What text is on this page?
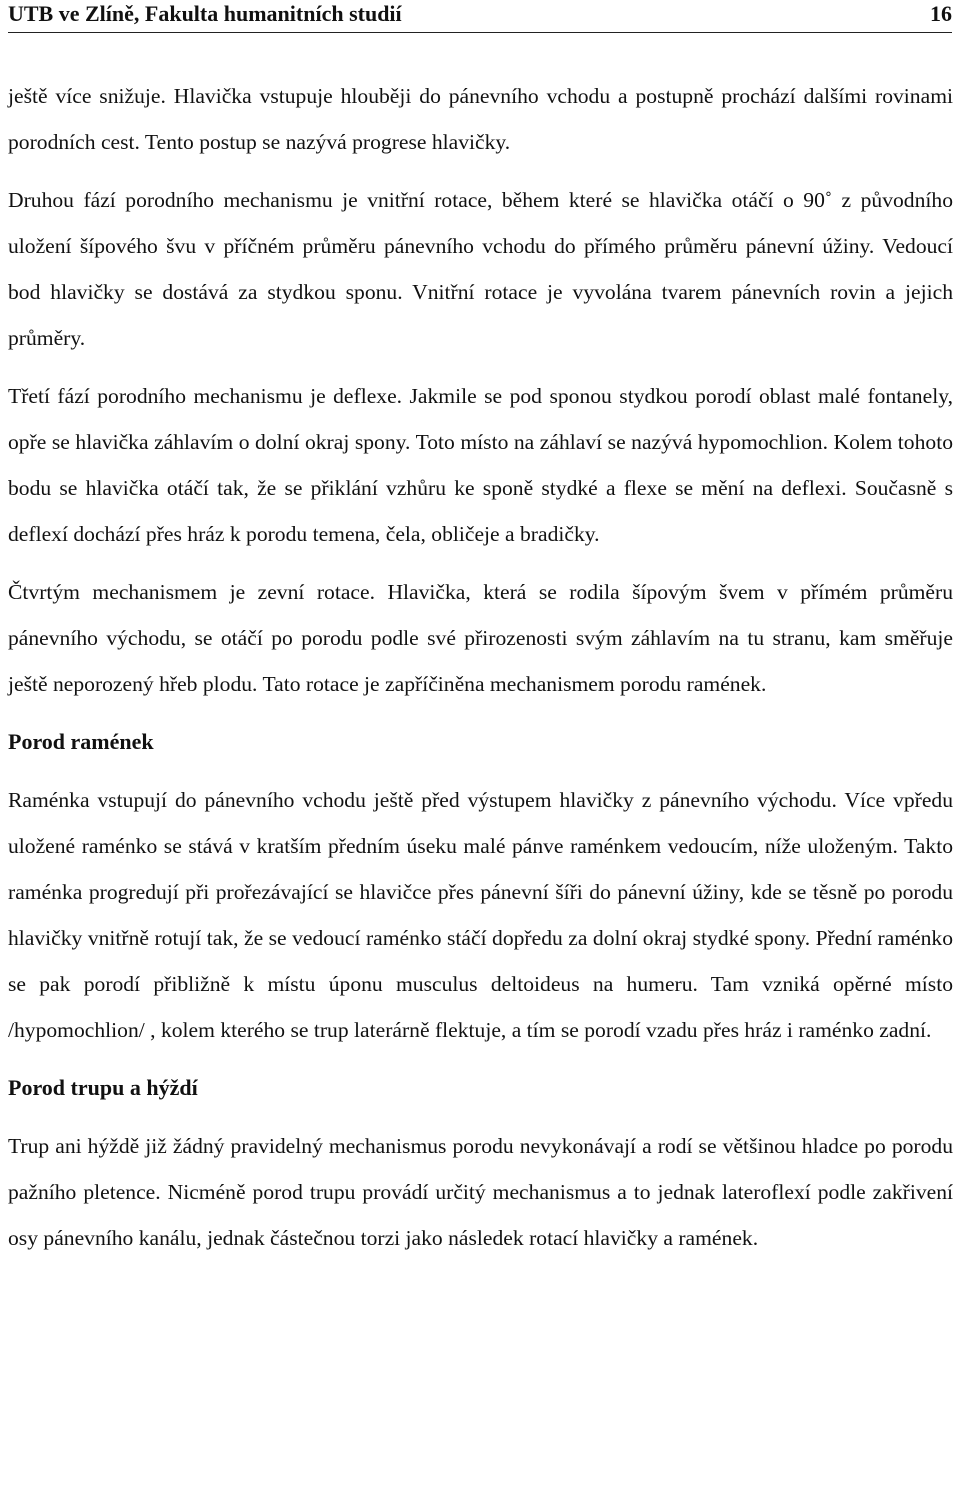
UTB ve Zlíně, Fakulta humanitních studií	16

ještě více snižuje. Hlavička vstupuje hlouběji do pánevního vchodu a postupně prochází dalšími rovinami porodních cest. Tento postup se nazývá progrese hlavičky.

Druhou fází porodního mechanismu je vnitřní rotace, během které se hlavička otáčí o 90˚ z původního uložení šípového švu v příčném průměru pánevního vchodu do přímého průměru pánevní úžiny. Vedoucí bod hlavičky se dostává za stydkou sponu. Vnitřní rotace je vyvolána tvarem pánevních rovin a jejich průměry.

Třetí fází porodního mechanismu je deflexe. Jakmile se pod sponou stydkou porodí oblast malé fontanely, opře se hlavička záhlavím o dolní okraj spony. Toto místo na záhlaví se nazývá hypomochlion. Kolem tohoto bodu se hlavička otáčí tak, že se přiklání vzhůru ke sponě stydké a flexe se mění na deflexi. Současně s deflexí dochází přes hráz k porodu temena, čela, obličeje a bradičky.

Čtvrtým mechanismem je zevní rotace. Hlavička, která se rodila šípovým švem v přímém průměru pánevního východu, se otáčí po porodu podle své přirozenosti svým záhlavím na tu stranu, kam směřuje ještě neporozený hřeb plodu. Tato rotace je zapříčiněna mechanismem porodu ramének.

Porod ramének

Raménka vstupují do pánevního vchodu ještě před výstupem hlavičky z pánevního východu. Více vpředu uložené raménko se stává v kratším předním úseku malé pánve raménkem vedoucím, níže uloženým. Takto raménka progredují při prořezávající se hlavičce přes pánevní šíři do pánevní úžiny, kde se těsně po porodu hlavičky vnitřně rotují tak, že se vedoucí raménko stáčí dopředu za dolní okraj stydké spony. Přední raménko se pak porodí přibližně k místu úponu musculus deltoideus na humeru. Tam vzniká opěrné místo /hypomochlion/ , kolem kterého se trup laterárně flektuje, a tím se porodí vzadu přes hráz i raménko zadní.

Porod trupu a hýždí

Trup ani hýždě již žádný pravidelný mechanismus porodu nevykonávají a rodí se většinou hladce po porodu pažního pletence. Nicméně porod trupu provádí určitý mechanismus a to jednak lateroflexí podle zakřivení osy pánevního kanálu, jednak částečnou torzi jako následek rotací hlavičky a ramének.
